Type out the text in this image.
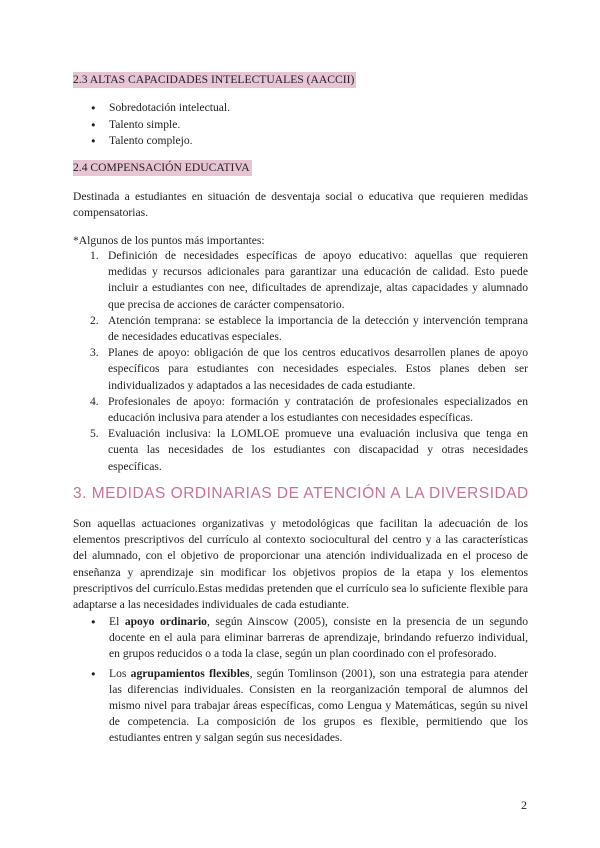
2.3 ALTAS CAPACIDADES INTELECTUALES (AACCII)
● Sobredotación intelectual.
● Talento simple.
● Talento complejo.
2.4 COMPENSACIÓN EDUCATIVA

Destinada a estudiantes en situación de desventaja social o educativa que requieren medidas compensatorias.

*Algunos de los puntos más importantes:

1. Definición de necesidades específicas de apoyo educativo: aquellas que requieren medidas y recursos adicionales para garantizar una educación de calidad. Esto puede incluir a estudiantes con nee, dificultades de aprendizaje, altas capacidades y alumnado que precisa de acciones de carácter compensatorio.
2. Atención temprana: se establece la importancia de la detección y intervención temprana de necesidades educativas especiales.
3. Planes de apoyo: obligación de que los centros educativos desarrollen planes de apoyo específicos para estudiantes con necesidades especiales. Estos planes deben ser individualizados y adaptados a las necesidades de cada estudiante.
4. Profesionales de apoyo: formación y contratación de profesionales especializados en educación inclusiva para atender a los estudiantes con necesidades específicas.
5. Evaluación inclusiva: la LOMLOE promueve una evaluación inclusiva que tenga en cuenta las necesidades de los estudiantes con discapacidad y otras necesidades específicas.
3. MEDIDAS ORDINARIAS DE ATENCIÓN A LA DIVERSIDAD

Son aquellas actuaciones organizativas y metodológicas que facilitan la adecuación de los elementos prescriptivos del currículo al contexto sociocultural del centro y a las características del alumnado, con el objetivo de proporcionar una atención individualizada en el proceso de enseñanza y aprendizaje sin modificar los objetivos propios de la etapa y los elementos prescriptivos del currículo.Estas medidas pretenden que el currículo sea lo suficiente flexible para adaptarse a las necesidades individuales de cada estudiante.

● El apoyo ordinario, según Ainscow (2005), consiste en la presencia de un segundo docente en el aula para eliminar barreras de aprendizaje, brindando refuerzo individual, en grupos reducidos o a toda la clase, según un plan coordinado con el profesorado.
● Los agrupamientos flexibles, según Tomlinson (2001), son una estrategia para atender las diferencias individuales. Consisten en la reorganización temporal de alumnos del mismo nivel para trabajar áreas específicas, como Lengua y Matemáticas, según su nivel de competencia. La composición de los grupos es flexible, permitiendo que los estudiantes entren y salgan según sus necesidades.
2
